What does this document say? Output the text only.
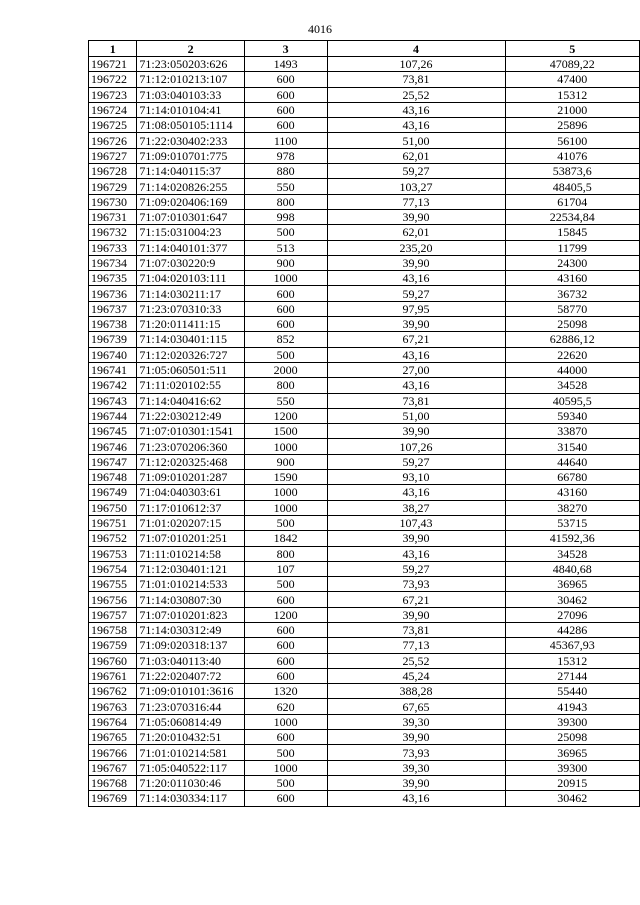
4016
1	2	3	4	5
196721	71:23:050203:626	1493	107,26	47089,22
196722	71:12:010213:107	600	73,81	47400
196723	71:03:040103:33	600	25,52	15312
196724	71:14:010104:41	600	43,16	21000
196725	71:08:050105:1114	600	43,16	25896
196726	71:22:030402:233	1100	51,00	56100
196727	71:09:010701:775	978	62,01	41076
196728	71:14:040115:37	880	59,27	53873,6
196729	71:14:020826:255	550	103,27	48405,5
196730	71:09:020406:169	800	77,13	61704
196731	71:07:010301:647	998	39,90	22534,84
196732	71:15:031004:23	500	62,01	15845
196733	71:14:040101:377	513	235,20	11799
196734	71:07:030220:9	900	39,90	24300
196735	71:04:020103:111	1000	43,16	43160
196736	71:14:030211:17	600	59,27	36732
196737	71:23:070310:33	600	97,95	58770
196738	71:20:011411:15	600	39,90	25098
196739	71:14:030401:115	852	67,21	62886,12
196740	71:12:020326:727	500	43,16	22620
196741	71:05:060501:511	2000	27,00	44000
196742	71:11:020102:55	800	43,16	34528
196743	71:14:040416:62	550	73,81	40595,5
196744	71:22:030212:49	1200	51,00	59340
196745	71:07:010301:1541	1500	39,90	33870
196746	71:23:070206:360	1000	107,26	31540
196747	71:12:020325:468	900	59,27	44640
196748	71:09:010201:287	1590	93,10	66780
196749	71:04:040303:61	1000	43,16	43160
196750	71:17:010612:37	1000	38,27	38270
196751	71:01:020207:15	500	107,43	53715
196752	71:07:010201:251	1842	39,90	41592,36
196753	71:11:010214:58	800	43,16	34528
196754	71:12:030401:121	107	59,27	4840,68
196755	71:01:010214:533	500	73,93	36965
196756	71:14:030807:30	600	67,21	30462
196757	71:07:010201:823	1200	39,90	27096
196758	71:14:030312:49	600	73,81	44286
196759	71:09:020318:137	600	77,13	45367,93
196760	71:03:040113:40	600	25,52	15312
196761	71:22:020407:72	600	45,24	27144
196762	71:09:010101:3616	1320	388,28	55440
196763	71:23:070316:44	620	67,65	41943
196764	71:05:060814:49	1000	39,30	39300
196765	71:20:010432:51	600	39,90	25098
196766	71:01:010214:581	500	73,93	36965
196767	71:05:040522:117	1000	39,30	39300
196768	71:20:011030:46	500	39,90	20915
196769	71:14:030334:117	600	43,16	30462
